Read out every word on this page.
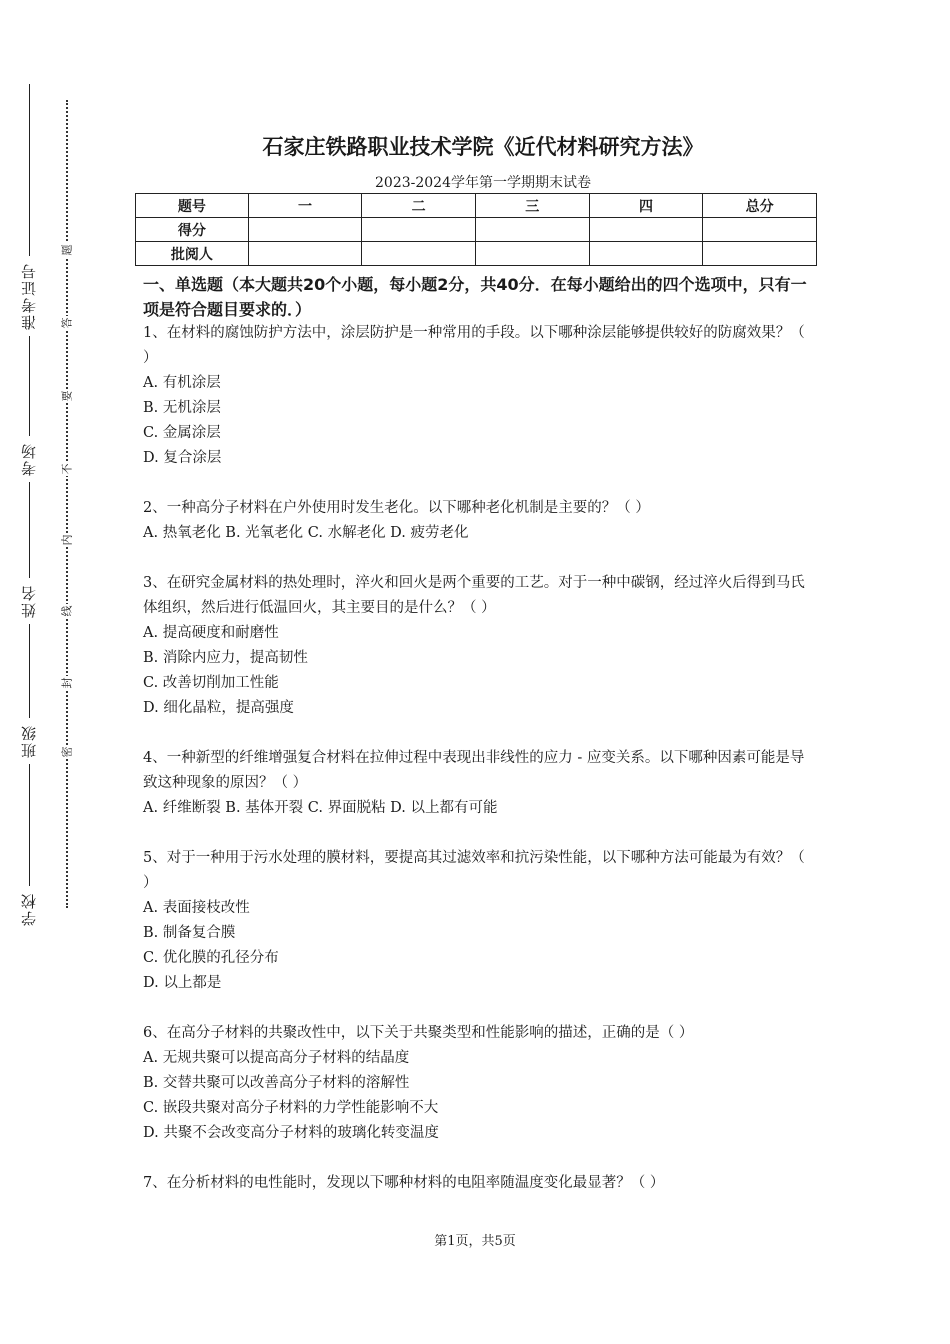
准考证号
考场
姓名
班级
学校
题
答
要
不
内
线
封
密
石家庄铁路职业技术学院《近代材料研究方法》
2023-2024学年第一学期期末试卷
题号	一	二	三	四	总分
得分					
批阅人					
一、单选题（本大题共20个小题，每小题2分，共40分．在每小题给出的四个选项中，只有一项是符合题目要求的．）
1、在材料的腐蚀防护方法中，涂层防护是一种常用的手段。以下哪种涂层能够提供较好的防腐效果？（ ）
A. 有机涂层
B. 无机涂层
C. 金属涂层
D. 复合涂层
2、一种高分子材料在户外使用时发生老化。以下哪种老化机制是主要的？（ ）
A. 热氧老化 B. 光氧老化 C. 水解老化 D. 疲劳老化
3、在研究金属材料的热处理时，淬火和回火是两个重要的工艺。对于一种中碳钢，经过淬火后得到马氏体组织，然后进行低温回火，其主要目的是什么？（ ）
A. 提高硬度和耐磨性
B. 消除内应力，提高韧性
C. 改善切削加工性能
D. 细化晶粒，提高强度
4、一种新型的纤维增强复合材料在拉伸过程中表现出非线性的应力 - 应变关系。以下哪种因素可能是导致这种现象的原因？（ ）
A. 纤维断裂 B. 基体开裂 C. 界面脱粘 D. 以上都有可能
5、对于一种用于污水处理的膜材料，要提高其过滤效率和抗污染性能，以下哪种方法可能最为有效？（ ）
A. 表面接枝改性
B. 制备复合膜
C. 优化膜的孔径分布
D. 以上都是
6、在高分子材料的共聚改性中，以下关于共聚类型和性能影响的描述，正确的是（ ）
A. 无规共聚可以提高高分子材料的结晶度
B. 交替共聚可以改善高分子材料的溶解性
C. 嵌段共聚对高分子材料的力学性能影响不大
D. 共聚不会改变高分子材料的玻璃化转变温度
7、在分析材料的电性能时，发现以下哪种材料的电阻率随温度变化最显著？（ ）
第1页，共5页
